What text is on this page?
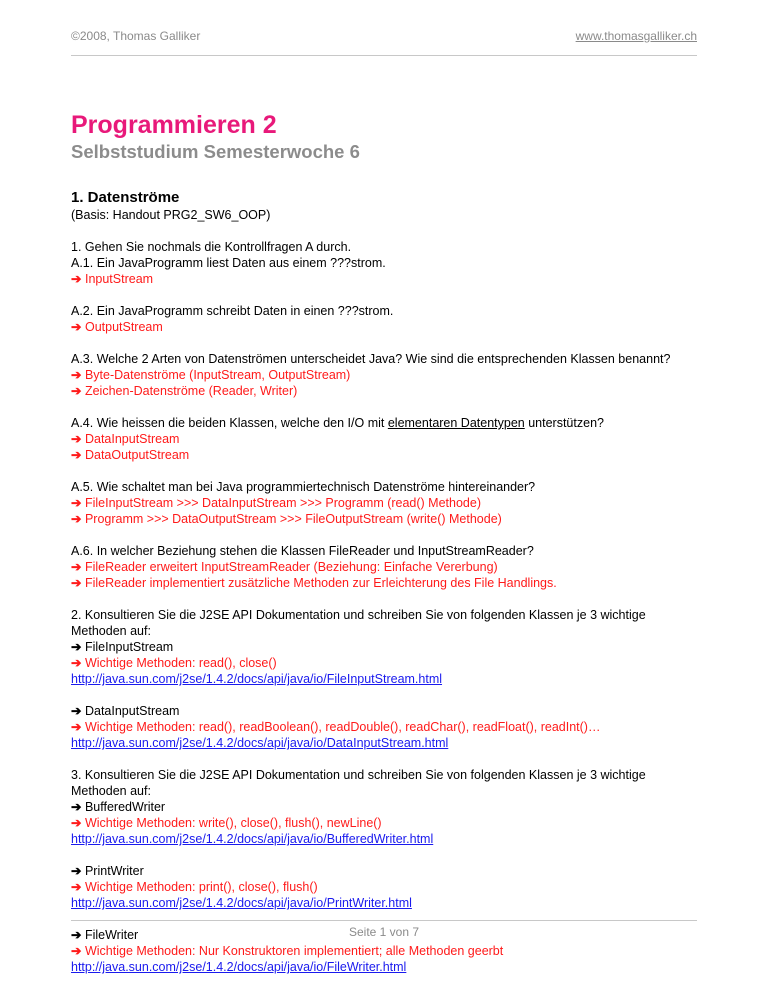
©2008, Thomas Galliker	www.thomasgalliker.ch
Programmieren 2
Selbststudium Semesterwoche 6
1. Datenströme
(Basis: Handout PRG2_SW6_OOP)

1. Gehen Sie nochmals die Kontrollfragen A durch.
A.1. Ein JavaProgramm liest Daten aus einem ???strom.
➔ InputStream

A.2. Ein JavaProgramm schreibt Daten in einen ???strom.
➔ OutputStream

A.3. Welche 2 Arten von Datenströmen unterscheidet Java? Wie sind die entsprechenden Klassen benannt?
➔ Byte-Datenströme (InputStream, OutputStream)
➔ Zeichen-Datenströme (Reader, Writer)

A.4. Wie heissen die beiden Klassen, welche den I/O mit elementaren Datentypen unterstützen?
➔ DataInputStream
➔ DataOutputStream

A.5. Wie schaltet man bei Java programmiertechnisch Datenströme hintereinander?
➔ FileInputStream >>> DataInputStream >>> Programm (read() Methode)
➔ Programm >>> DataOutputStream >>> FileOutputStream (write() Methode)

A.6. In welcher Beziehung stehen die Klassen FileReader und InputStreamReader?
➔ FileReader erweitert InputStreamReader (Beziehung: Einfache Vererbung)
➔ FileReader implementiert zusätzliche Methoden zur Erleichterung des File Handlings.

2. Konsultieren Sie die J2SE API Dokumentation und schreiben Sie von folgenden Klassen je 3 wichtige
Methoden auf:
➔ FileInputStream
➔ Wichtige Methoden: read(), close()
http://java.sun.com/j2se/1.4.2/docs/api/java/io/FileInputStream.html

➔ DataInputStream
➔ Wichtige Methoden: read(), readBoolean(), readDouble(), readChar(), readFloat(), readInt()…
http://java.sun.com/j2se/1.4.2/docs/api/java/io/DataInputStream.html

3. Konsultieren Sie die J2SE API Dokumentation und schreiben Sie von folgenden Klassen je 3 wichtige
Methoden auf:
➔ BufferedWriter
➔ Wichtige Methoden: write(), close(), flush(), newLine()
http://java.sun.com/j2se/1.4.2/docs/api/java/io/BufferedWriter.html

➔ PrintWriter
➔ Wichtige Methoden: print(), close(), flush()
http://java.sun.com/j2se/1.4.2/docs/api/java/io/PrintWriter.html

➔ FileWriter
➔ Wichtige Methoden: Nur Konstruktoren implementiert; alle Methoden geerbt
http://java.sun.com/j2se/1.4.2/docs/api/java/io/FileWriter.html

Seite 1 von 7
